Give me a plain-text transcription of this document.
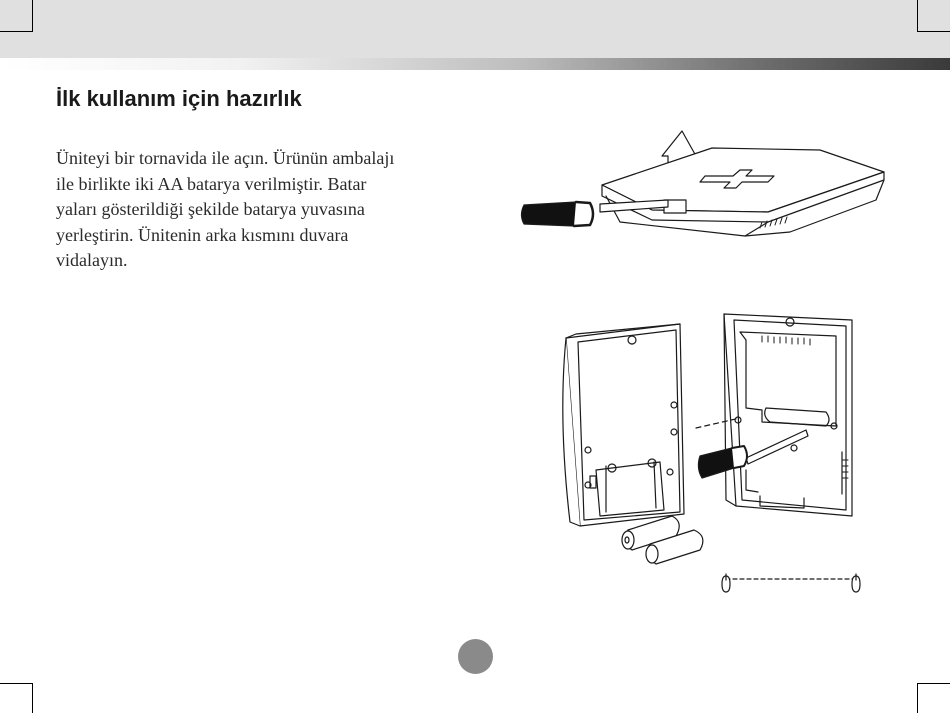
İlk kullanım için hazırlık
Üniteyi bir tornavida ile açın. Ürünün ambalajı
ile birlikte iki AA batarya verilmiştir. Batar
yaları gösterildiği şekilde batarya yuvasına
yerleştirin. Ünitenin arka kısmını duvara
vidalayın.
